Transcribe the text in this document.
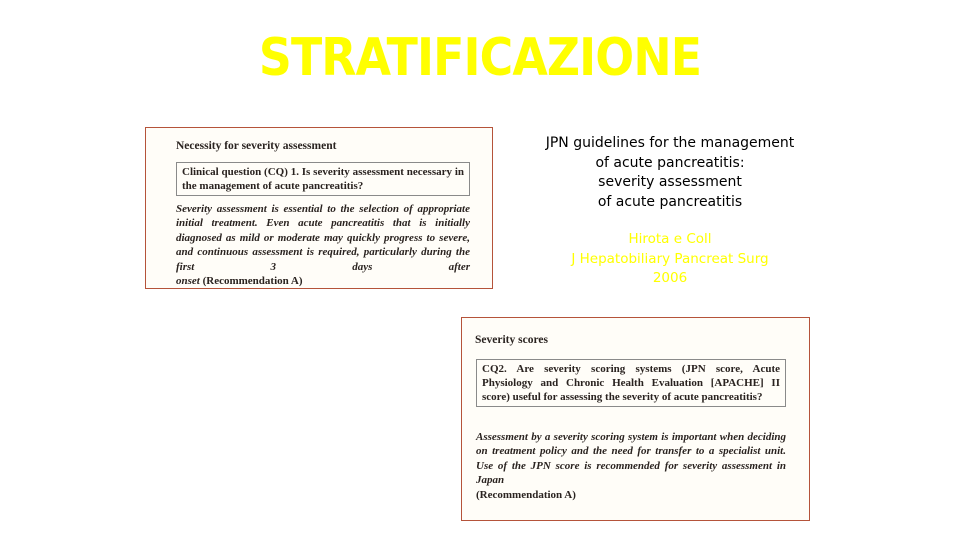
STRATIFICAZIONE
Necessity for severity assessment
Clinical question (CQ) 1. Is severity assessment necessary in the management of acute pancreatitis?
Severity assessment is essential to the selection of appropriate initial treatment. Even acute pancreatitis that is initially diagnosed as mild or moderate may quickly progress to severe, and continuous assessment is required, particularly during the first 3 days after
onset (Recommendation A)
JPN guidelines for the management
of acute pancreatitis:
severity assessment
of acute pancreatitis
Hirota e Coll
J Hepatobiliary Pancreat Surg
2006
Severity scores
CQ2. Are severity scoring systems (JPN score, Acute Physiology and Chronic Health Evaluation [APACHE] II score) useful for assessing the severity of acute pancreatitis?
Assessment by a severity scoring system is important when deciding on treatment policy and the need for transfer to a specialist unit. Use of the JPN score is recommended for severity assessment in Japan
(Recommendation A)
